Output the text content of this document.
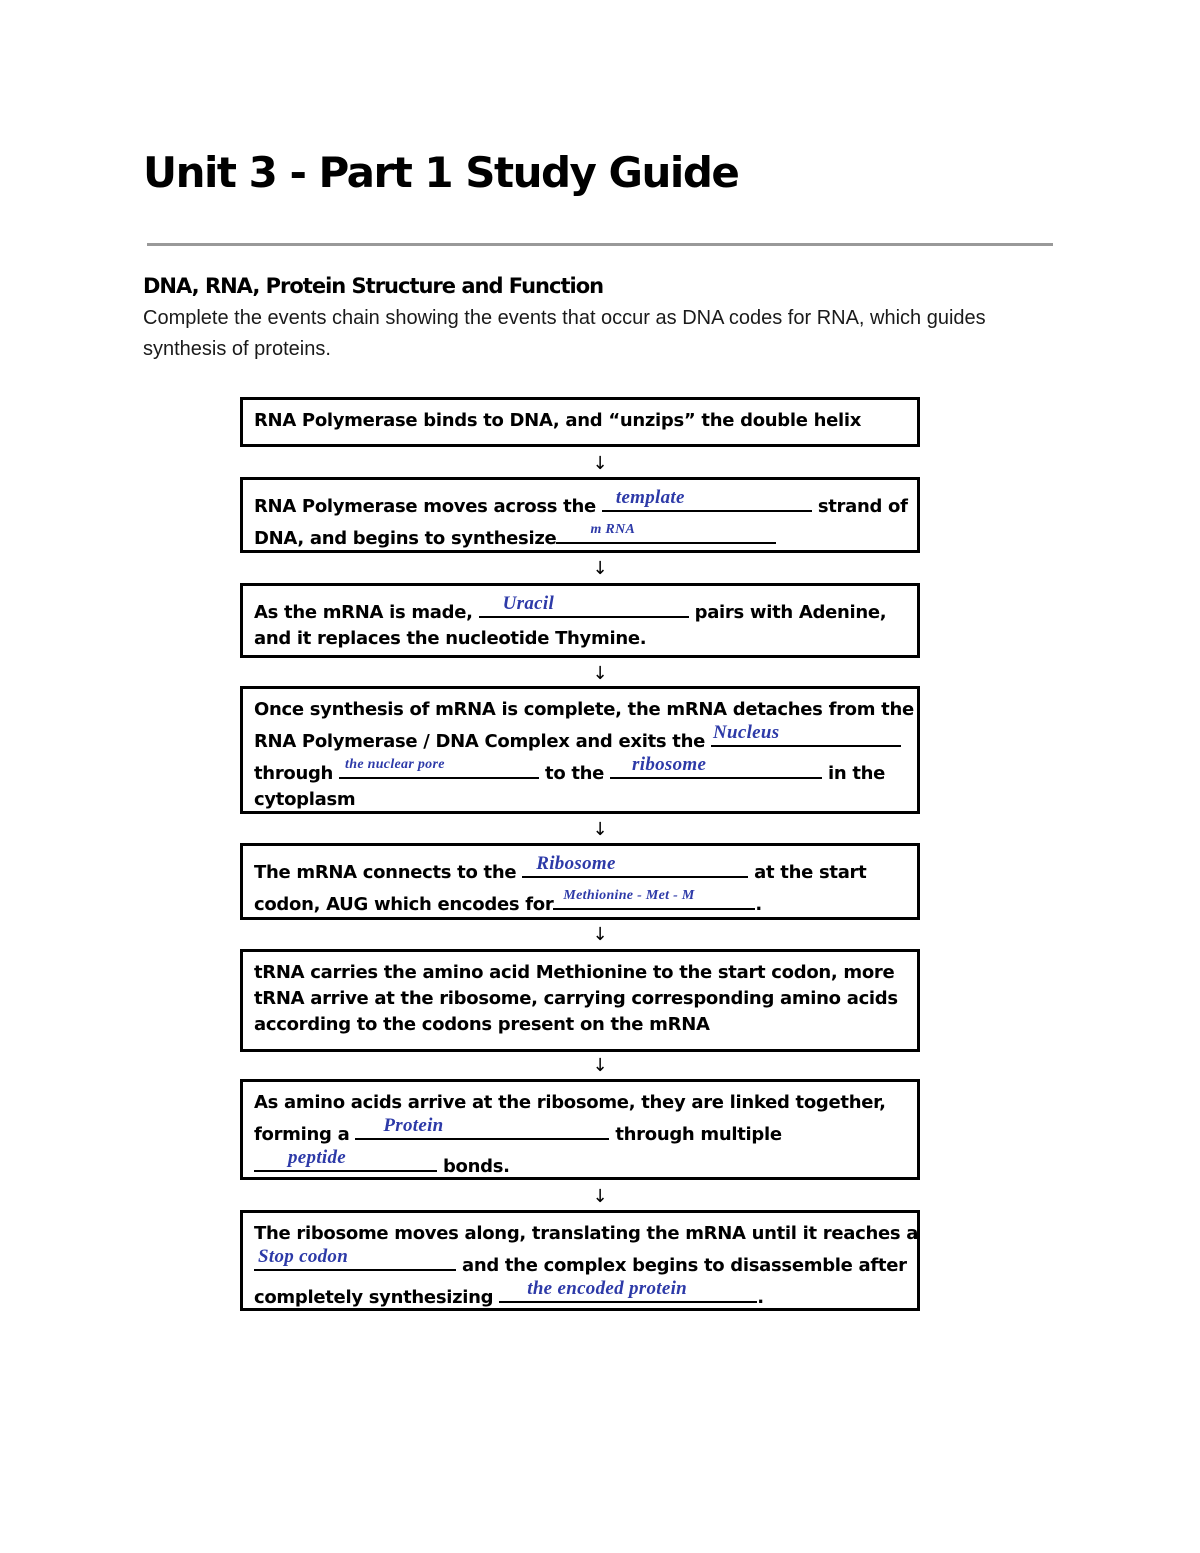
Unit 3 - Part 1 Study Guide
DNA, RNA, Protein Structure and Function

Complete the events chain showing the events that occur as DNA codes for RNA, which guides synthesis of proteins.

RNA Polymerase binds to DNA, and “unzips” the double helix
↓
RNA Polymerase moves across the template	strand of
DNA, and begins to synthesize	m RNA
↓
As the mRNA is made,	Uracil	pairs with Adenine,
and it replaces the nucleotide Thymine.
↓
Once synthesis of mRNA is complete, the mRNA detaches from the
RNA Polymerase / DNA Complex and exits the Nucleus
through the nuclear pore	to the	ribosome	in the
cytoplasm
↓
The mRNA connects to the Ribosome	at the start
codon, AUG which encodes for Methionine - Met - M	.
↓
tRNA carries the amino acid Methionine to the start codon, more
tRNA arrive at the ribosome, carrying corresponding amino acids
according to the codons present on the mRNA
↓
As amino acids arrive at the ribosome, they are linked together,
forming a	Protein	through multiple
peptide	bonds.
↓
The ribosome moves along, translating the mRNA until it reaches a
Stop codon	and the complex begins to disassemble after
completely synthesizing	the encoded protein	.
